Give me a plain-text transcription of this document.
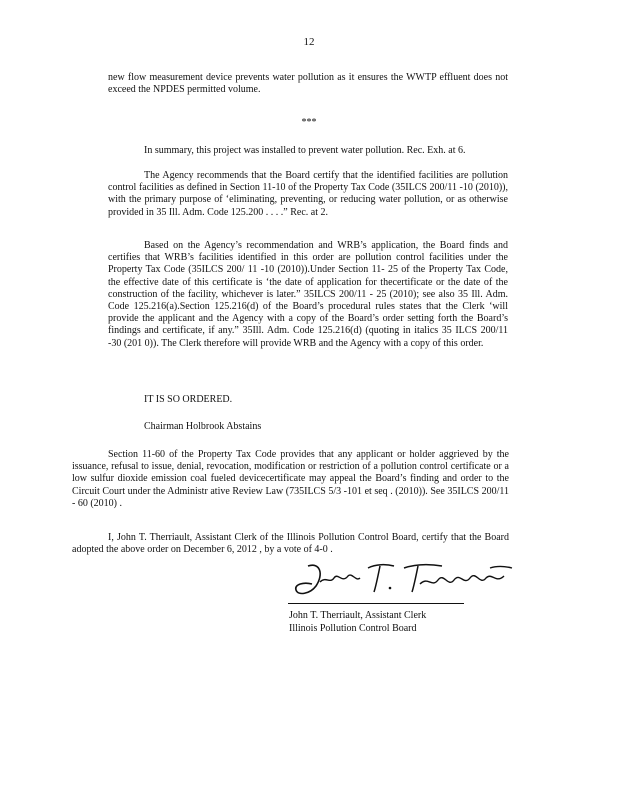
12
new flow measurement device prevents water pollution as it ensures the WWTP effluent does not exceed the NPDES permitted volume.
***
In summary, this project was installed to prevent water pollution. Rec. Exh. at 6.
The Agency recommends that the Board certify that the identified facilities are pollution control facilities as defined in Section 11-10 of the Property Tax Code (35ILCS 200/11 -10 (2010)), with the primary purpose of ‘eliminating, preventing, or reducing water pollution, or as otherwise provided in 35 Ill. Adm. Code 125.200 . . . .” Rec. at 2.
Based on the Agency’s recommendation and WRB’s application, the Board finds and certifies that WRB’s facilities identified in this order are pollution control facilities under the Property Tax Code (35ILCS 200/ 11 -10 (2010)).Under Section 11- 25 of the Property Tax Code, the effective date of this certificate is ‘the date of application for thecertificate or the date of the construction of the facility, whichever is later.” 35ILCS 200/11 - 25 (2010); see also 35 Ill. Adm. Code 125.216(a).Section 125.216(d) of the Board’s procedural rules states that the Clerk ‘will provide the applicant and the Agency with a copy of the Board’s order setting forth the Board’s findings and certificate, if any.” 35Ill. Adm. Code 125.216(d) (quoting in italics 35 ILCS 200/11 -30 (201 0)). The Clerk therefore will provide WRB and the Agency with a copy of this order.
IT IS SO ORDERED.
Chairman Holbrook Abstains
Section 11-60 of the Property Tax Code provides that any applicant or holder aggrieved by the issuance, refusal to issue, denial, revocation, modification or restriction of a pollution control certificate or a low sulfur dioxide emission coal fueled devicecertificate may appeal the Board’s finding and order to the Circuit Court under the Administr ative Review Law (735ILCS 5/3 -101 et seq . (2010)). See 35ILCS 200/11 - 60 (2010) .
I, John T. Therriault, Assistant Clerk of the Illinois Pollution Control Board, certify that the Board adopted the above order on December 6, 2012 , by a vote of 4-0 .
John T. Therriault, Assistant Clerk
Illinois Pollution Control Board
